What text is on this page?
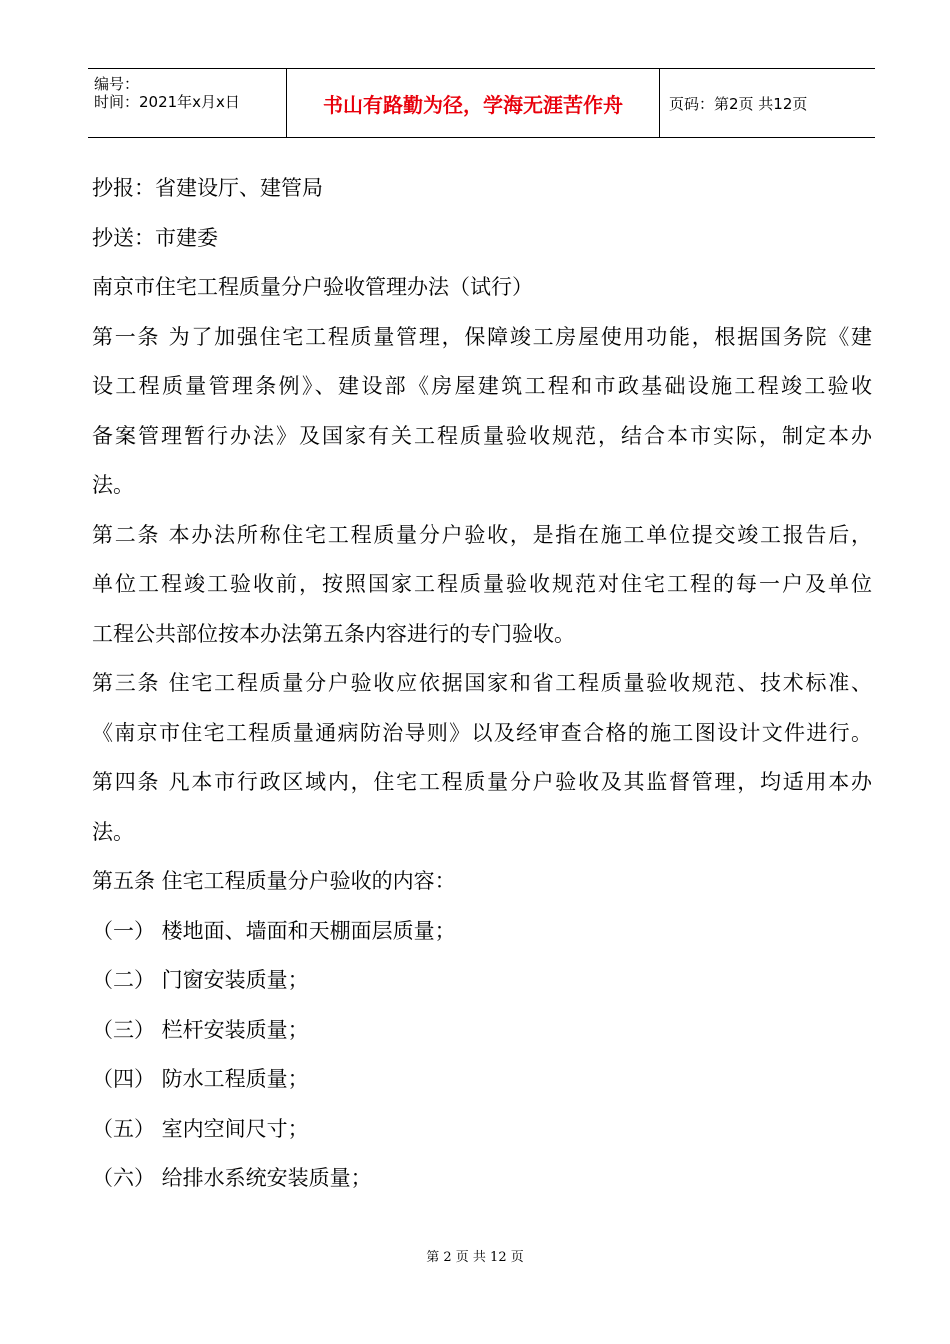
编号：
时间：2021年x月x日	书山有路勤为径，学海无涯苦作舟	页码：第2页 共12页
抄报：省建设厅、建管局
抄送：市建委
南京市住宅工程质量分户验收管理办法（试行）
第一条 为了加强住宅工程质量管理，保障竣工房屋使用功能，根据国务院《建
设工程质量管理条例》、建设部《房屋建筑工程和市政基础设施工程竣工验收
备案管理暂行办法》及国家有关工程质量验收规范，结合本市实际，制定本办
法。
第二条 本办法所称住宅工程质量分户验收，是指在施工单位提交竣工报告后，
单位工程竣工验收前，按照国家工程质量验收规范对住宅工程的每一户及单位
工程公共部位按本办法第五条内容进行的专门验收。
第三条 住宅工程质量分户验收应依据国家和省工程质量验收规范、技术标准、
《南京市住宅工程质量通病防治导则》以及经审查合格的施工图设计文件进行。
第四条 凡本市行政区域内，住宅工程质量分户验收及其监督管理，均适用本办
法。
第五条 住宅工程质量分户验收的内容：
（一） 楼地面、墙面和天棚面层质量；
（二） 门窗安装质量；
（三） 栏杆安装质量；
（四） 防水工程质量；
（五） 室内空间尺寸；
（六） 给排水系统安装质量；
第 2 页 共 12 页
